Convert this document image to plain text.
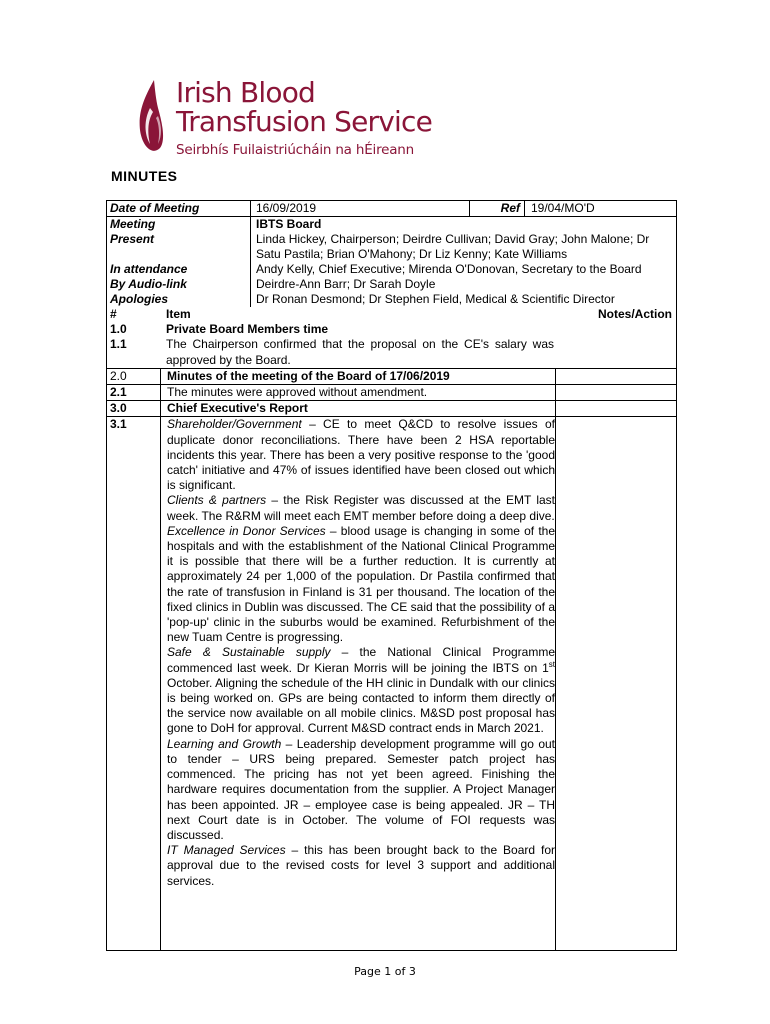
Irish Blood
Transfusion Service
Seirbhís Fuilaistriúcháin na hÉireann
MINUTES
Date of Meeting	16/09/2019	Ref 19/04/MO'D
Meeting	IBTS Board
Present	Linda Hickey, Chairperson; Deirdre Cullivan; David Gray; John Malone; Dr Satu Pastila; Brian O'Mahony; Dr Liz Kenny; Kate Williams
In attendance	Andy Kelly, Chief Executive; Mirenda O'Donovan, Secretary to the Board
By Audio-link	Deirdre-Ann Barr; Dr Sarah Doyle
Apologies	Dr Ronan Desmond; Dr Stephen Field, Medical & Scientific Director
#	Item	Notes/Action
1.0	Private Board Members time
1.1	The Chairperson confirmed that the proposal on the CE's salary was approved by the Board.
2.0	Minutes of the meeting of the Board of 17/06/2019
2.1	The minutes were approved without amendment.
3.0	Chief Executive's Report
3.1	Shareholder/Government – CE to meet Q&CD to resolve issues of duplicate donor reconciliations. There have been 2 HSA reportable incidents this year. There has been a very positive response to the 'good catch' initiative and 47% of issues identified have been closed out which is significant.

Clients & partners – the Risk Register was discussed at the EMT last week. The R&RM will meet each EMT member before doing a deep dive.

Excellence in Donor Services – blood usage is changing in some of the hospitals and with the establishment of the National Clinical Programme it is possible that there will be a further reduction. It is currently at approximately 24 per 1,000 of the population. Dr Pastila confirmed that the rate of transfusion in Finland is 31 per thousand. The location of the fixed clinics in Dublin was discussed. The CE said that the possibility of a 'pop-up' clinic in the suburbs would be examined. Refurbishment of the new Tuam Centre is progressing.

Safe & Sustainable supply – the National Clinical Programme commenced last week. Dr Kieran Morris will be joining the IBTS on 1st October. Aligning the schedule of the HH clinic in Dundalk with our clinics is being worked on. GPs are being contacted to inform them directly of the service now available on all mobile clinics. M&SD post proposal has gone to DoH for approval. Current M&SD contract ends in March 2021.

Learning and Growth – Leadership development programme will go out to tender – URS being prepared. Semester patch project has commenced. The pricing has not yet been agreed. Finishing the hardware requires documentation from the supplier. A Project Manager has been appointed. JR – employee case is being appealed. JR – TH next Court date is in October. The volume of FOI requests was discussed.

IT Managed Services – this has been brought back to the Board for approval due to the revised costs for level 3 support and additional services.

Page 1 of 3
